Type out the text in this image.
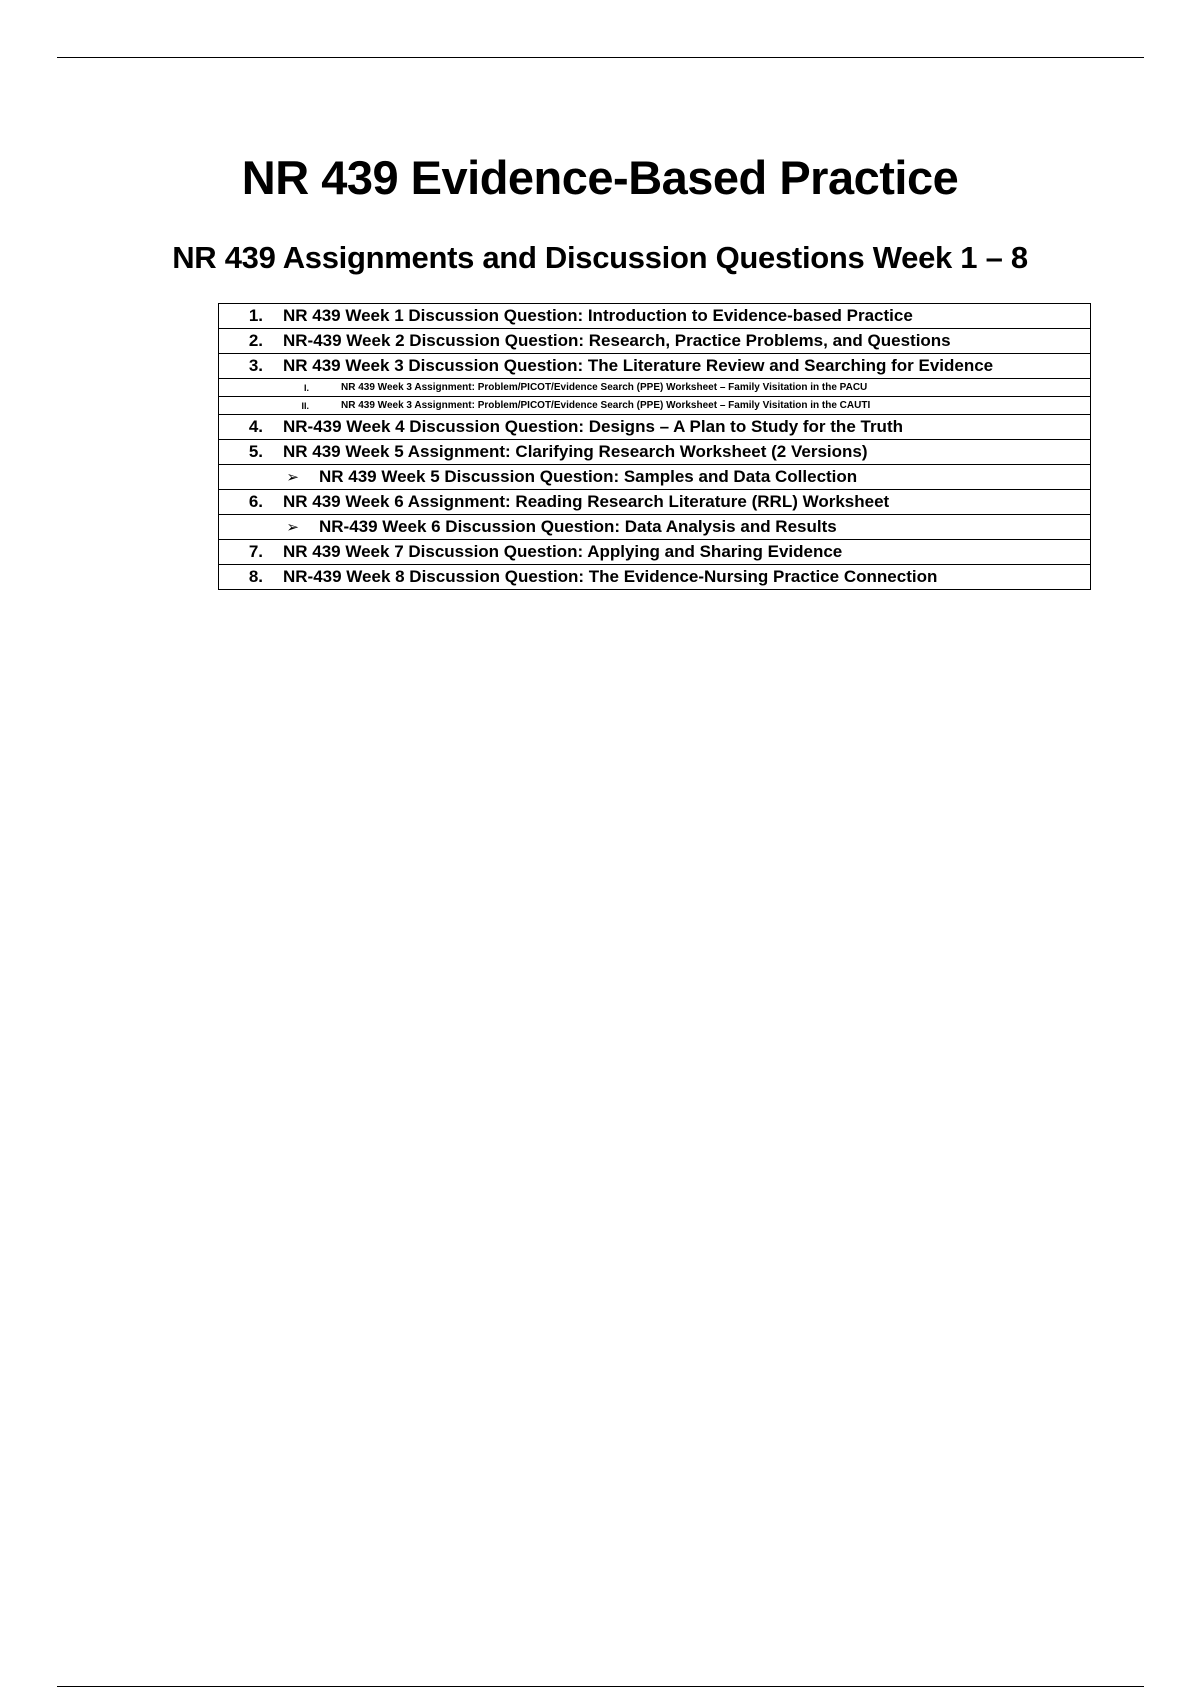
NR 439 Evidence-Based Practice
NR 439 Assignments and Discussion Questions Week 1 – 8
1.	NR 439 Week 1 Discussion Question: Introduction to Evidence-based Practice

2.	NR-439 Week 2 Discussion Question: Research, Practice Problems, and Questions

3.	NR 439 Week 3 Discussion Question: The Literature Review and Searching for Evidence

I.	NR 439 Week 3 Assignment: Problem/PICOT/Evidence Search (PPE) Worksheet – Family Visitation in the PACU

II.	NR 439 Week 3 Assignment: Problem/PICOT/Evidence Search (PPE) Worksheet – Family Visitation in the CAUTI

4.	NR-439 Week 4 Discussion Question: Designs – A Plan to Study for the Truth

5.	NR 439 Week 5 Assignment: Clarifying Research Worksheet (2 Versions)

➢	NR 439 Week 5 Discussion Question: Samples and Data Collection

6.	NR 439 Week 6 Assignment: Reading Research Literature (RRL) Worksheet

➢	NR-439 Week 6 Discussion Question: Data Analysis and Results

7.	NR 439 Week 7 Discussion Question: Applying and Sharing Evidence

8.	NR-439 Week 8 Discussion Question: The Evidence-Nursing Practice Connection
